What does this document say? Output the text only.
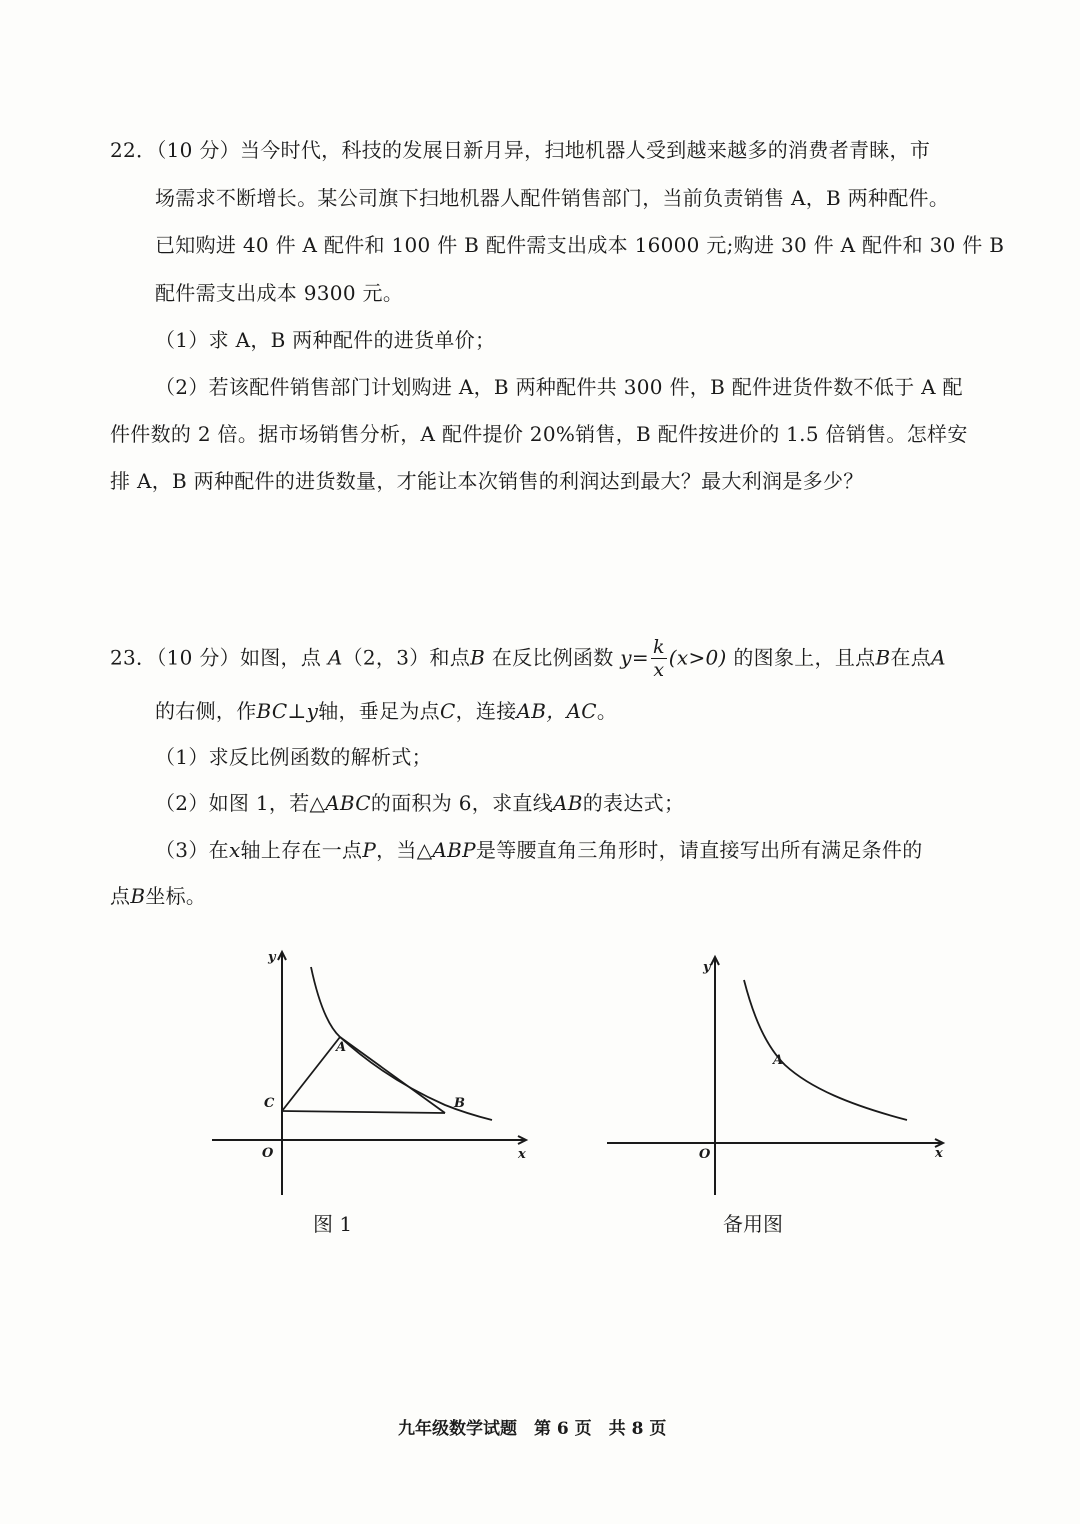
22．（10 分）当今时代，科技的发展日新月异，扫地机器人受到越来越多的消费者青睐，市
场需求不断增长。某公司旗下扫地机器人配件销售部门，当前负责销售 A，B 两种配件。
已知购进 40 件 A 配件和 100 件 B 配件需支出成本 16000 元;购进 30 件 A 配件和 30 件 B
配件需支出成本 9300 元。
（1）求 A，B 两种配件的进货单价；
（2）若该配件销售部门计划购进 A，B 两种配件共 300 件，B 配件进货件数不低于 A 配
件件数的 2 倍。据市场销售分析，A 配件提价 20%销售，B 配件按进价的 1.5 倍销售。怎样安
排 A，B 两种配件的进货数量，才能让本次销售的利润达到最大？最大利润是多少？
23．（10 分）如图，点 A（2，3）和点B 在反比例函数 $y= \frac{k}{x} (x>0)$ 的图象上，且点B在点A
的右侧，作BC⊥y轴，垂足为点C，连接AB，AC。
（1）求反比例函数的解析式；
（2）如图 1，若△ABC的面积为 6，求直线AB的表达式；
（3）在x轴上存在一点P，当△ABP是等腰直角三角形时，请直接写出所有满足条件的
点B坐标。
y
x
O
A
B
C
图 1
y
x
O
A
备用图
九年级数学试题　第 6 页　共 8 页
